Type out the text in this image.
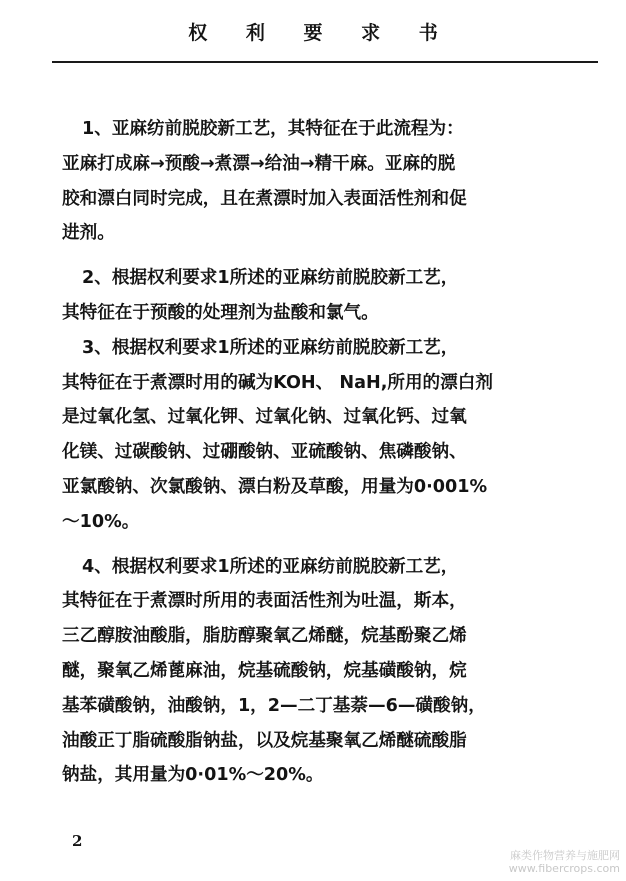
权 利 要 求 书
1、亚麻纺前脱胶新工艺，其特征在于此流程为：
亚麻打成麻→预酸→煮漂→给油→精干麻。亚麻的脱
胶和漂白同时完成，且在煮漂时加入表面活性剂和促
进剂。
2、根据权利要求1所述的亚麻纺前脱胶新工艺，
其特征在于预酸的处理剂为盐酸和氯气。
3、根据权利要求1所述的亚麻纺前脱胶新工艺，
其特征在于煮漂时用的碱为KOH、 NaH,所用的漂白剂
是过氧化氢、过氧化钾、过氧化钠、过氧化钙、过氧
化镁、过碳酸钠、过硼酸钠、亚硫酸钠、焦磷酸钠、
亚氯酸钠、次氯酸钠、漂白粉及草酸，用量为0·001%
～10%。
4、根据权利要求1所述的亚麻纺前脱胶新工艺，
其特征在于煮漂时所用的表面活性剂为吐温，斯本，
三乙醇胺油酸脂，脂肪醇聚氧乙烯醚，烷基酚聚乙烯
醚，聚氧乙烯蓖麻油，烷基硫酸钠，烷基磺酸钠，烷
基苯磺酸钠，油酸钠，1，2—二丁基萘—6—磺酸钠，
油酸正丁脂硫酸脂钠盐，以及烷基聚氧乙烯醚硫酸脂
钠盐，其用量为0·01%～20%。
2
麻类作物营养与施肥网
www.fibercrops.com
